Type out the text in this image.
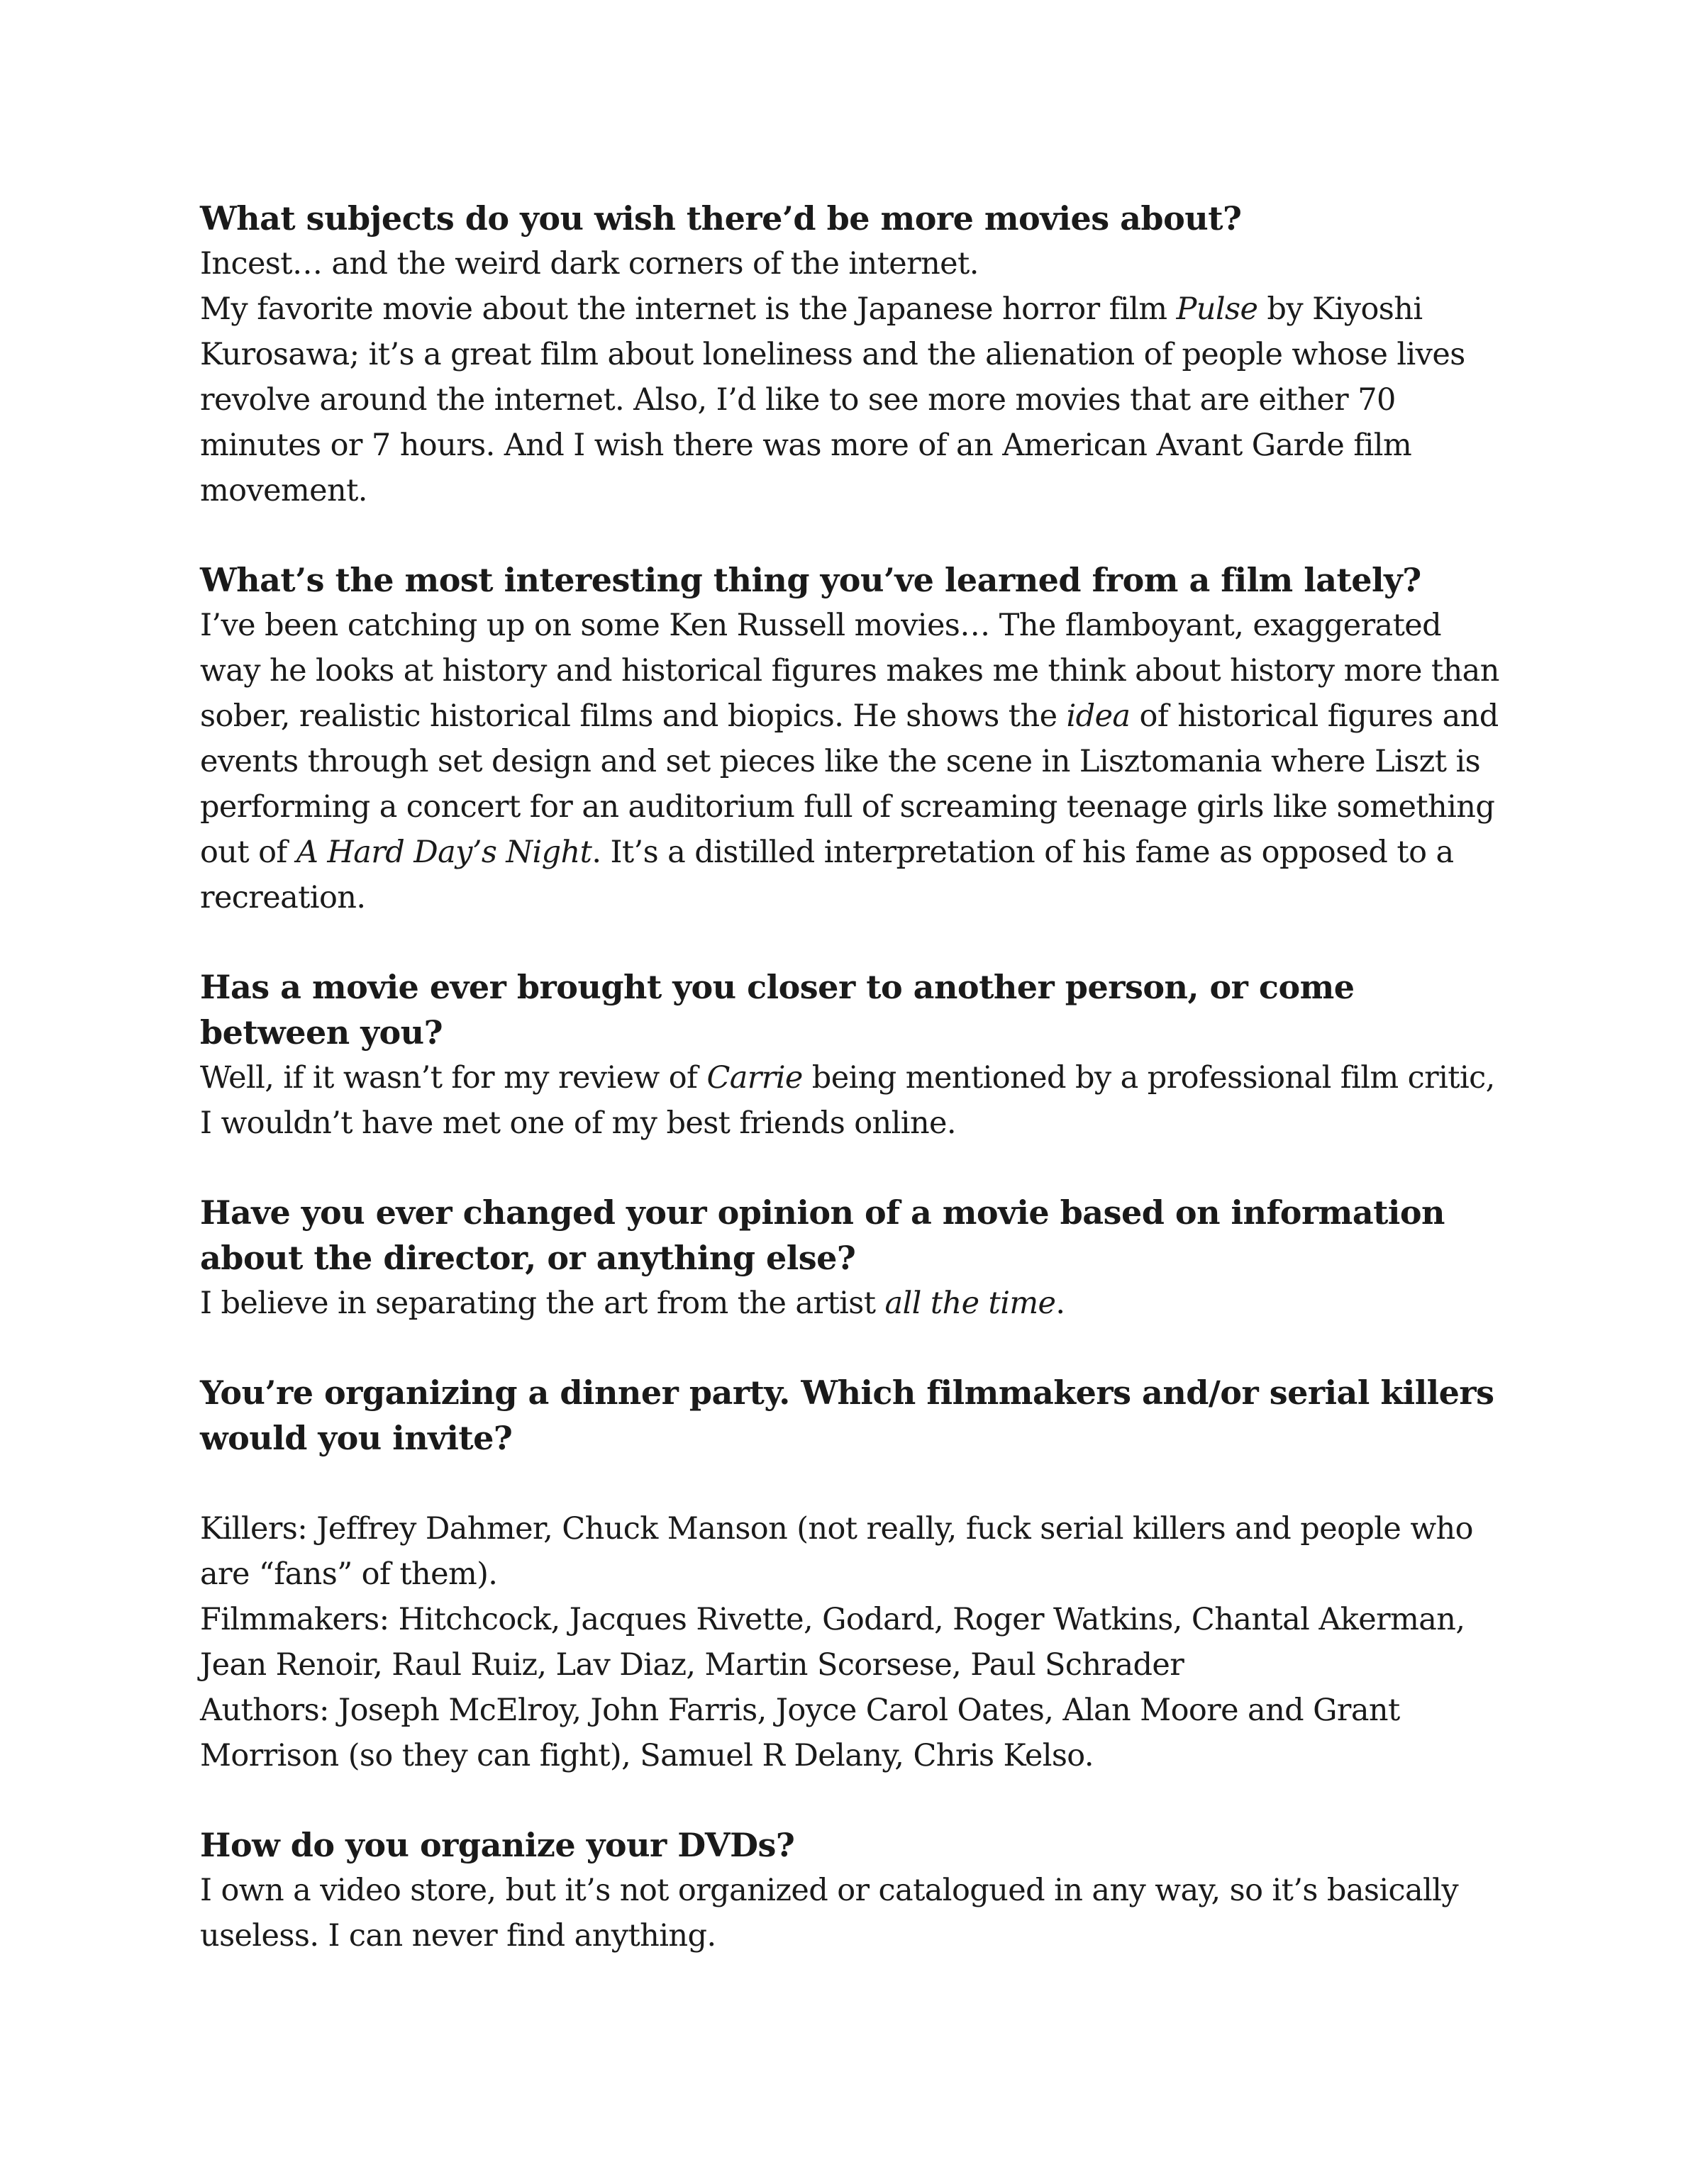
What subjects do you wish there’d be more movies about?

Incest… and the weird dark corners of the internet.

My favorite movie about the internet is the Japanese horror film Pulse by Kiyoshi Kurosawa; it’s a great film about loneliness and the alienation of people whose lives revolve around the internet. Also, I’d like to see more movies that are either 70 minutes or 7 hours. And I wish there was more of an American Avant Garde film movement.

What’s the most interesting thing you’ve learned from a film lately?

I’ve been catching up on some Ken Russell movies… The flamboyant, exaggerated way he looks at history and historical figures makes me think about history more than sober, realistic historical films and biopics. He shows the idea of historical figures and events through set design and set pieces like the scene in Lisztomania where Liszt is performing a concert for an auditorium full of screaming teenage girls like something out of A Hard Day’s Night. It’s a distilled interpretation of his fame as opposed to a recreation.

Has a movie ever brought you closer to another person, or come between you?

Well, if it wasn’t for my review of Carrie being mentioned by a professional film critic, I wouldn’t have met one of my best friends online.

Have you ever changed your opinion of a movie based on information about the director, or anything else?

I believe in separating the art from the artist all the time.

You’re organizing a dinner party. Which filmmakers and/or serial killers would you invite?

Killers: Jeffrey Dahmer, Chuck Manson (not really, fuck serial killers and people who are “fans” of them).

Filmmakers: Hitchcock, Jacques Rivette, Godard, Roger Watkins, Chantal Akerman, Jean Renoir, Raul Ruiz, Lav Diaz, Martin Scorsese, Paul Schrader

Authors: Joseph McElroy, John Farris, Joyce Carol Oates, Alan Moore and Grant Morrison (so they can fight), Samuel R Delany, Chris Kelso.

How do you organize your DVDs?

I own a video store, but it’s not organized or catalogued in any way, so it’s basically useless. I can never find anything.
